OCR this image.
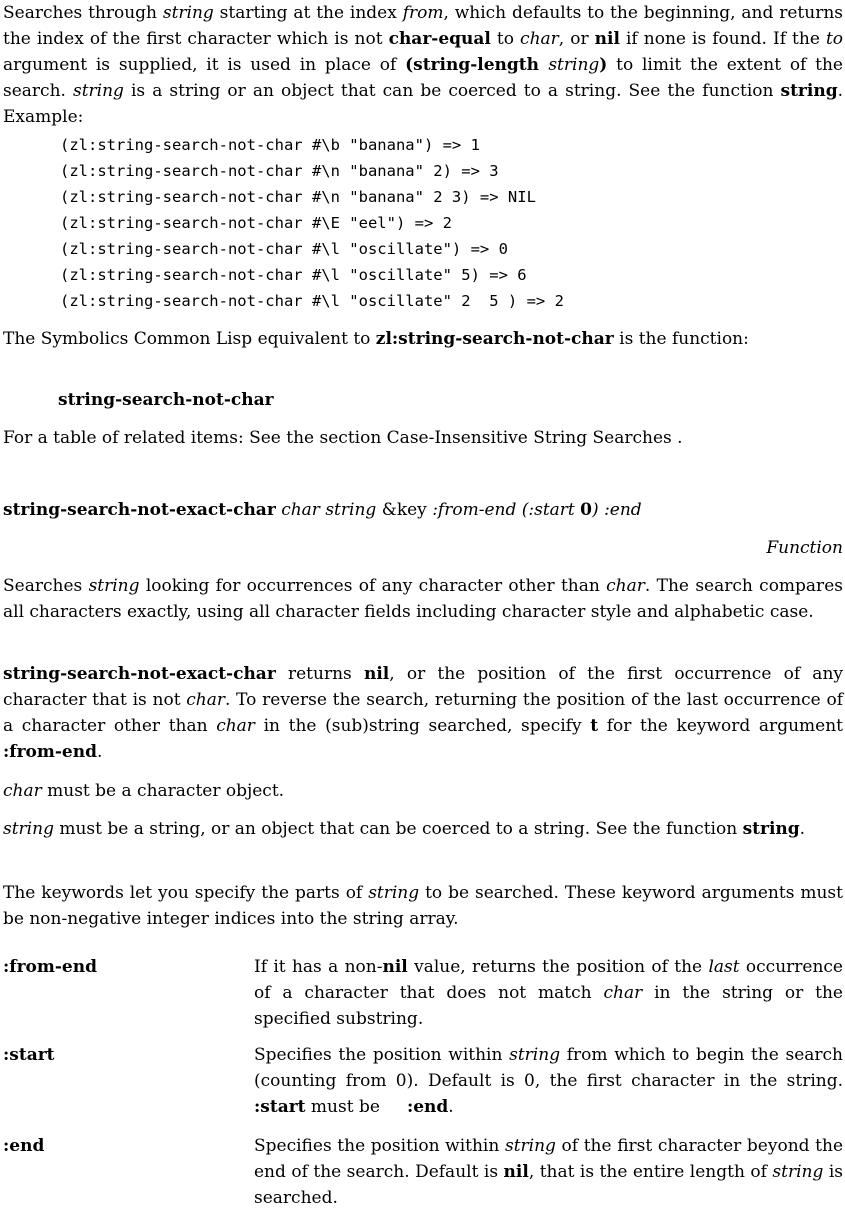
Searches through string starting at the index from, which defaults to the beginning, and returns the index of the first character which is not char-equal to char, or nil if none is found. If the to argument is supplied, it is used in place of (string-length string) to limit the extent of the search. string is a string or an object that can be coerced to a string. See the function string. Example:

(zl:string-search-not-char #\b "banana") => 1
(zl:string-search-not-char #\n "banana" 2) => 3
(zl:string-search-not-char #\n "banana" 2 3) => NIL
(zl:string-search-not-char #\E "eel") => 2
(zl:string-search-not-char #\l "oscillate") => 0
(zl:string-search-not-char #\l "oscillate" 5) => 6
(zl:string-search-not-char #\l "oscillate" 2  5 ) => 2

The Symbolics Common Lisp equivalent to zl:string-search-not-char is the function:

string-search-not-char

For a table of related items: See the section Case-Insensitive String Searches .

string-search-not-exact-char char string &key :from-end (:start 0) :end
Function

Searches string looking for occurrences of any character other than char. The search compares all characters exactly, using all character fields including character style and alphabetic case.

string-search-not-exact-char returns nil, or the position of the first occurrence of any character that is not char. To reverse the search, returning the position of the last occurrence of a character other than char in the (sub)string searched, specify t for the keyword argument :from-end.

char must be a character object.

string must be a string, or an object that can be coerced to a string. See the function string.

The keywords let you specify the parts of string to be searched. These keyword arguments must be non-negative integer indices into the string array.

:from-end	If it has a non-nil value, returns the position of the last occurrence of a character that does not match char in the string or the specified substring.
:start	Specifies the position within string from which to begin the search (counting from 0). Default is 0, the first character in the string. :start must be     :end.
:end	Specifies the position within string of the first character beyond the end of the search. Default is nil, that is the entire length of string is searched.
